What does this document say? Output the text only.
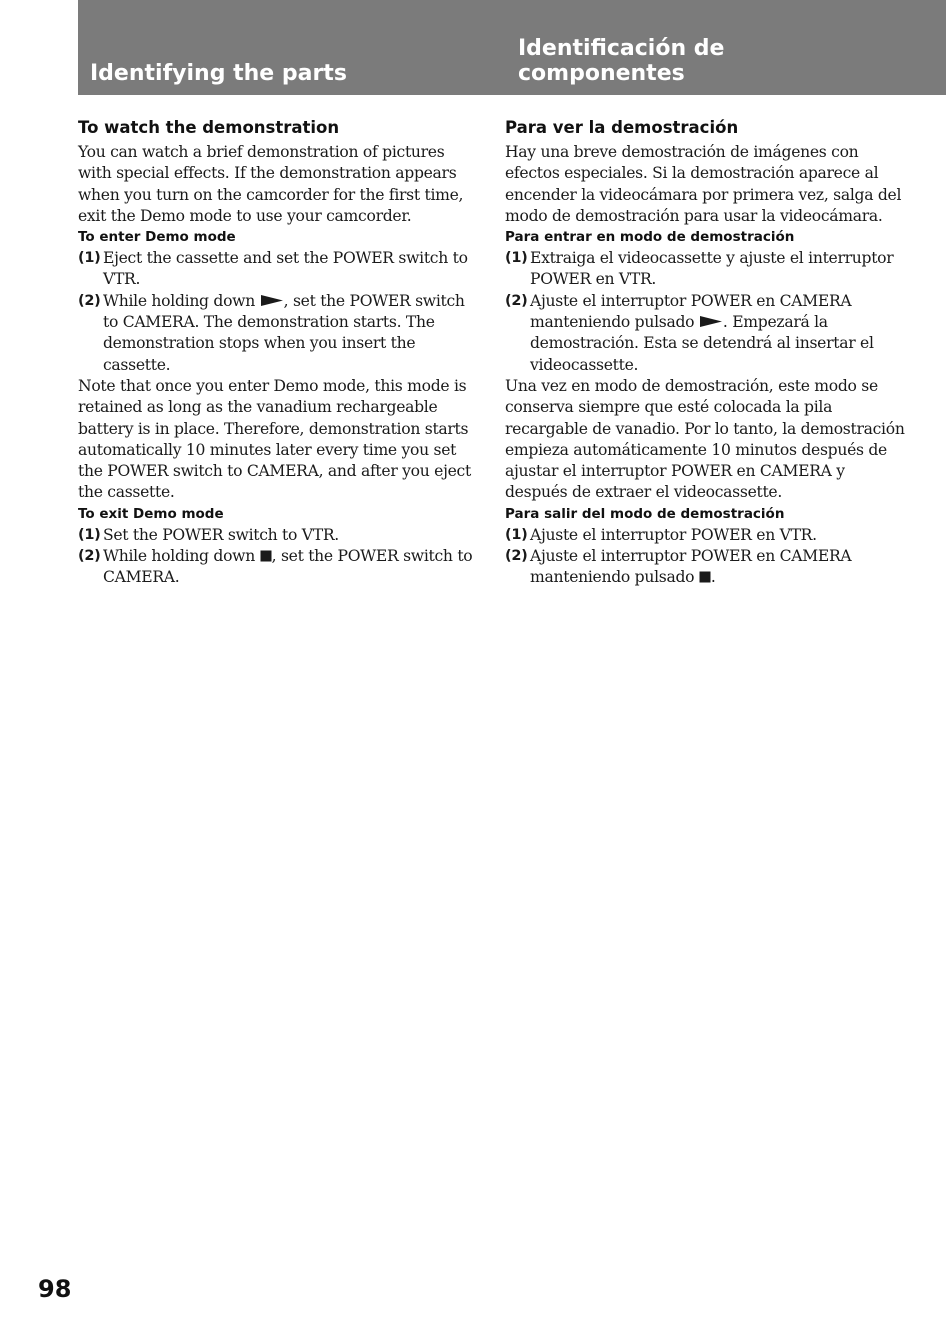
Identifying the parts
Identificación de
componentes
To watch the demonstration

You can watch a brief demonstration of pictures with special effects. If the demonstration appears when you turn on the camcorder for the first time, exit the Demo mode to use your camcorder.

To enter Demo mode
(1) Eject the cassette and set the POWER switch to VTR.
(2) While holding down , set the POWER switch to CAMERA. The demonstration starts. The demonstration stops when you insert the cassette.

Note that once you enter Demo mode, this mode is retained as long as the vanadium rechargeable battery is in place. Therefore, demonstration starts automatically 10 minutes later every time you set the POWER switch to CAMERA, and after you eject the cassette.

To exit Demo mode
(1) Set the POWER switch to VTR.
(2) While holding down , set the POWER switch to CAMERA.
Para ver la demostración

Hay una breve demostración de imágenes con efectos especiales. Si la demostración aparece al encender la videocámara por primera vez, salga del modo de demostración para usar la videocámara.

Para entrar en modo de demostración
(1) Extraiga el videocassette y ajuste el interruptor POWER en VTR.
(2) Ajuste el interruptor POWER en CAMERA manteniendo pulsado . Empezará la demostración. Esta se detendrá al insertar el videocassette.

Una vez en modo de demostración, este modo se conserva siempre que esté colocada la pila recargable de vanadio. Por lo tanto, la demostración empieza automáticamente 10 minutos después de ajustar el interruptor POWER en CAMERA y después de extraer el videocassette.

Para salir del modo de demostración
(1) Ajuste el interruptor POWER en VTR.
(2) Ajuste el interruptor POWER en CAMERA manteniendo pulsado .

98
